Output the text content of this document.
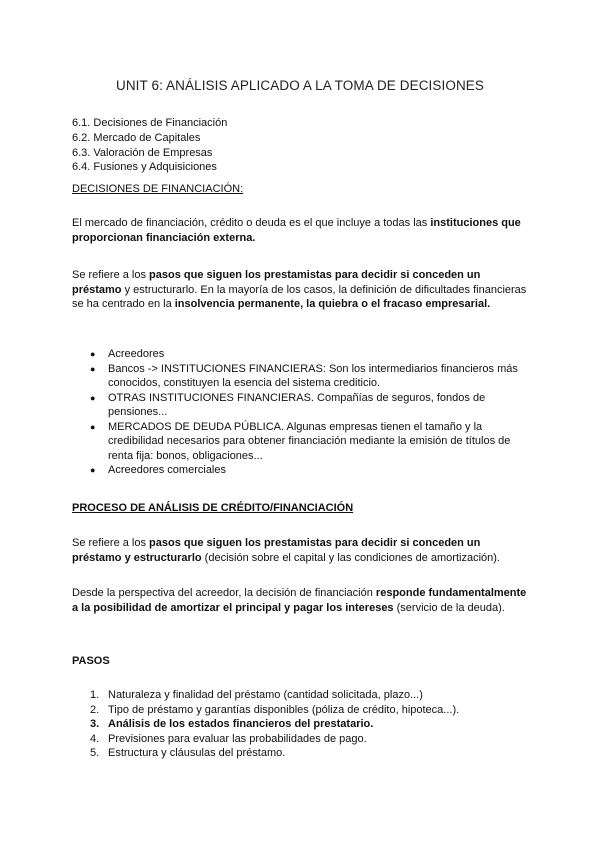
UNIT 6: ANÁLISIS APLICADO A LA TOMA DE DECISIONES
6.1. Decisiones de Financiación
6.2. Mercado de Capitales
6.3. Valoración de Empresas
6.4. Fusiones y Adquisiciones
DECISIONES DE FINANCIACIÓN:
El mercado de financiación, crédito o deuda es el que incluye a todas las instituciones que proporcionan financiación externa.
Se refiere a los pasos que siguen los prestamistas para decidir si conceden un préstamo y estructurarlo. En la mayoría de los casos, la definición de dificultades financieras se ha centrado en la insolvencia permanente, la quiebra o el fracaso empresarial.
● Acreedores
● Bancos -> INSTITUCIONES FINANCIERAS: Son los intermediarios financieros más conocidos, constituyen la esencia del sistema crediticio.
● OTRAS INSTITUCIONES FINANCIERAS. Compañías de seguros, fondos de pensiones...
● MERCADOS DE DEUDA PÚBLICA. Algunas empresas tienen el tamaño y la credibilidad necesarios para obtener financiación mediante la emisión de títulos de renta fija: bonos, obligaciones...
● Acreedores comerciales
PROCESO DE ANÁLISIS DE CRÉDITO/FINANCIACIÓN
Se refiere a los pasos que siguen los prestamistas para decidir si conceden un préstamo y estructurarlo (decisión sobre el capital y las condiciones de amortización).
Desde la perspectiva del acreedor, la decisión de financiación responde fundamentalmente a la posibilidad de amortizar el principal y pagar los intereses (servicio de la deuda).
PASOS
1. Naturaleza y finalidad del préstamo (cantidad solicitada, plazo...)
2. Tipo de préstamo y garantías disponibles (póliza de crédito, hipoteca...).
3. Análisis de los estados financieros del prestatario.
4. Previsiones para evaluar las probabilidades de pago.
5. Estructura y cláusulas del préstamo.
